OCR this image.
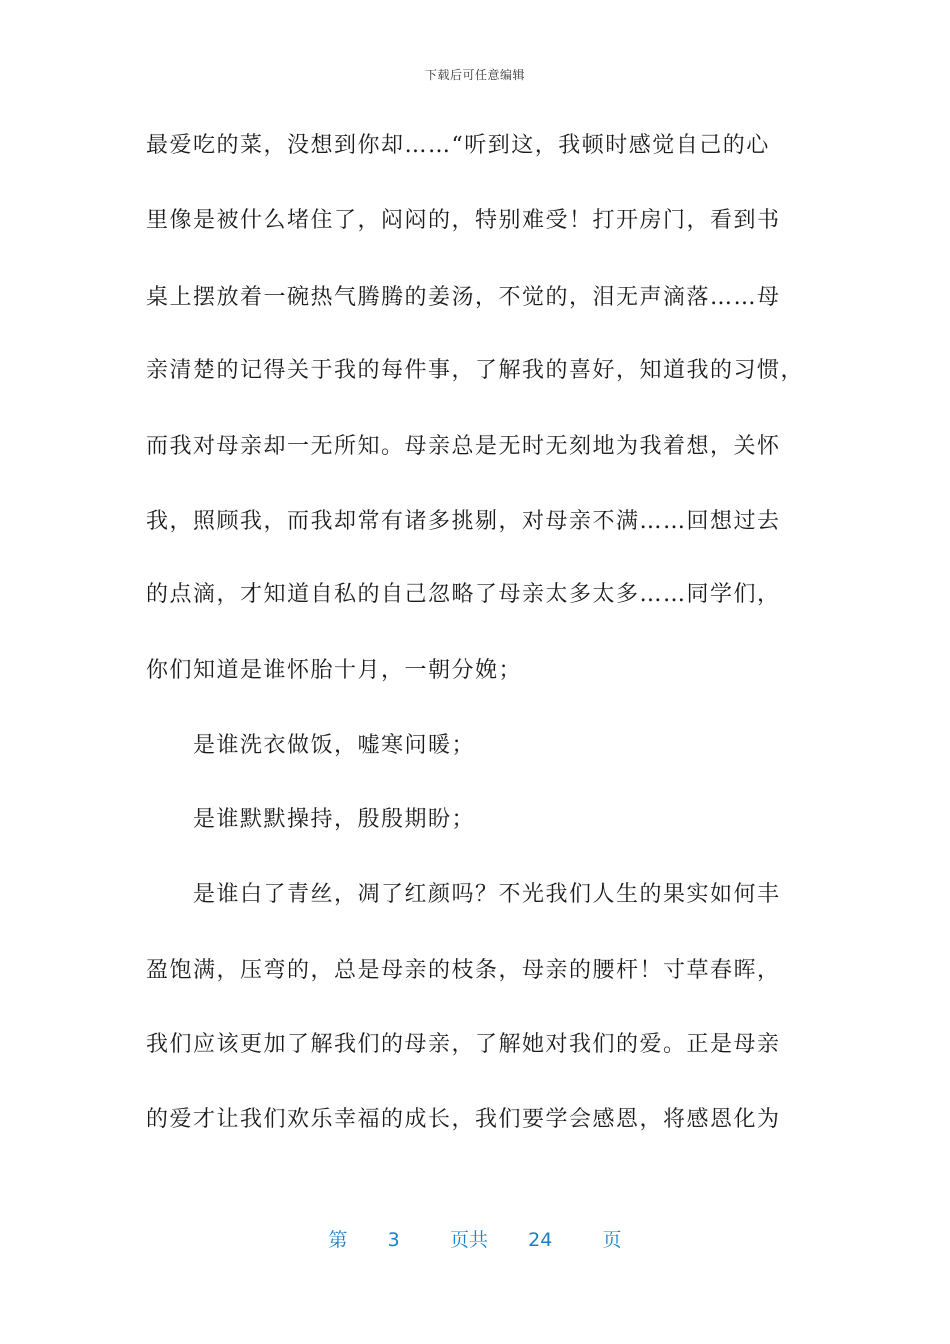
下载后可任意编辑
最爱吃的菜，没想到你却……“听到这，我顿时感觉自己的心
里像是被什么堵住了，闷闷的，特别难受！打开房门，看到书
桌上摆放着一碗热气腾腾的姜汤，不觉的，泪无声滴落……母
亲清楚的记得关于我的每件事，了解我的喜好，知道我的习惯，
而我对母亲却一无所知。母亲总是无时无刻地为我着想，关怀
我，照顾我，而我却常有诸多挑剔，对母亲不满……回想过去
的点滴，才知道自私的自己忽略了母亲太多太多……同学们，
你们知道是谁怀胎十月，一朝分娩；
是谁洗衣做饭，嘘寒问暖；
是谁默默操持，殷殷期盼；
是谁白了青丝，凋了红颜吗？不光我们人生的果实如何丰
盈饱满，压弯的，总是母亲的枝条，母亲的腰杆！寸草春晖，
我们应该更加了解我们的母亲，了解她对我们的爱。正是母亲
的爱才让我们欢乐幸福的成长，我们要学会感恩，将感恩化为
第 3	页共 24	页
